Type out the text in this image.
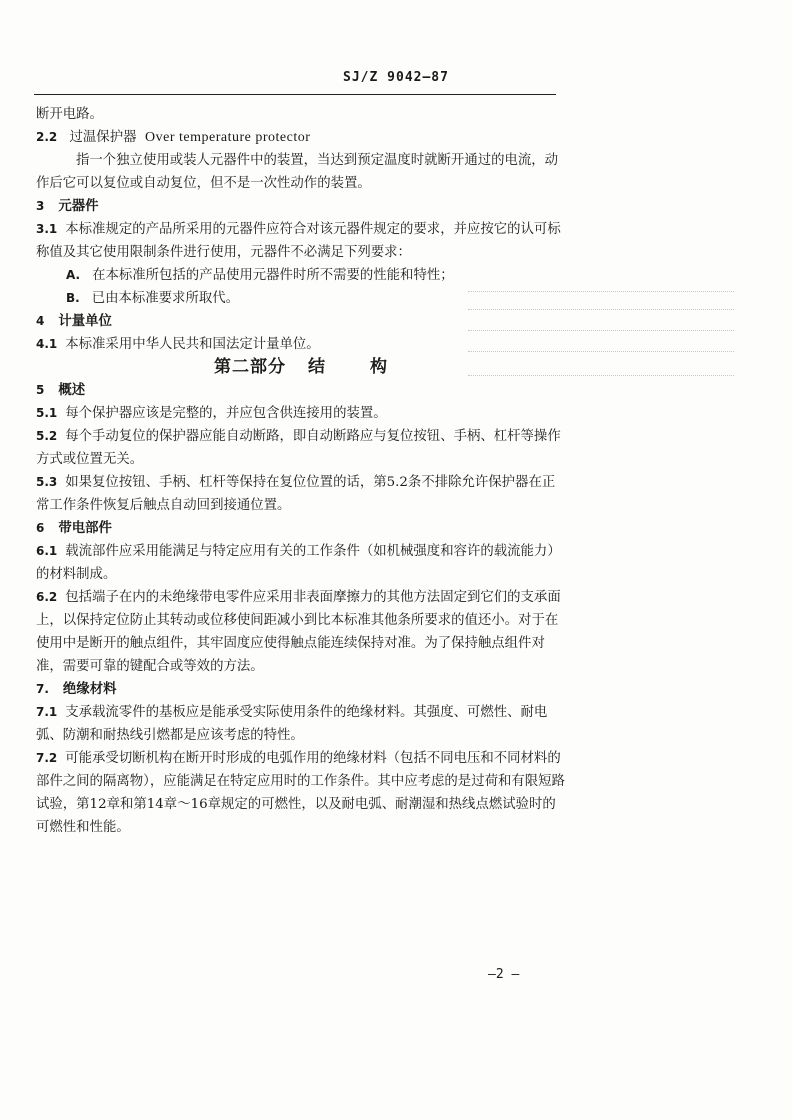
SJ/Z 9042—87

断开电路。

2.2 过温保护器 Over temperature protector

指一个独立使用或装人元器件中的装置，当达到预定温度时就断开通过的电流，动作后它可以复位或自动复位，但不是一次性动作的装置。

3 元器件

3.1 本标准规定的产品所采用的元器件应符合对该元器件规定的要求，并应按它的认可标称值及其它使用限制条件进行使用，元器件不必满足下列要求：

A. 在本标准所包括的产品使用元器件时所不需要的性能和特性；

B. 已由本标准要求所取代。

4 计量单位

4.1 本标准采用中华人民共和国法定计量单位。

第二部分 结	构

5 概述

5.1 每个保护器应该是完整的，并应包含供连接用的装置。

5.2 每个手动复位的保护器应能自动断路，即自动断路应与复位按钮、手柄、杠杆等操作方式或位置无关。

5.3 如果复位按钮、手柄、杠杆等保持在复位位置的话，第5.2条不排除允许保护器在正常工作条件恢复后触点自动回到接通位置。

6 带电部件

6.1 载流部件应采用能满足与特定应用有关的工作条件（如机械强度和容许的载流能力）的材料制成。

6.2 包括端子在内的未绝缘带电零件应采用非表面摩擦力的其他方法固定到它们的支承面上，以保持定位防止其转动或位移使间距减小到比本标准其他条所要求的值还小。对于在使用中是断开的触点组件，其牢固度应使得触点能连续保持对准。为了保持触点组件对准，需要可靠的键配合或等效的方法。

7. 绝缘材料

7.1 支承载流零件的基板应是能承受实际使用条件的绝缘材料。其强度、可燃性、耐电弧、防潮和耐热线引燃都是应该考虑的特性。

7.2 可能承受切断机构在断开时形成的电弧作用的绝缘材料（包括不同电压和不同材料的部件之间的隔离物），应能满足在特定应用时的工作条件。其中应考虑的是过荷和有限短路试验，第12章和第14章～16章规定的可燃性，以及耐电弧、耐潮湿和热线点燃试验时的可燃性和性能。

—2 —
